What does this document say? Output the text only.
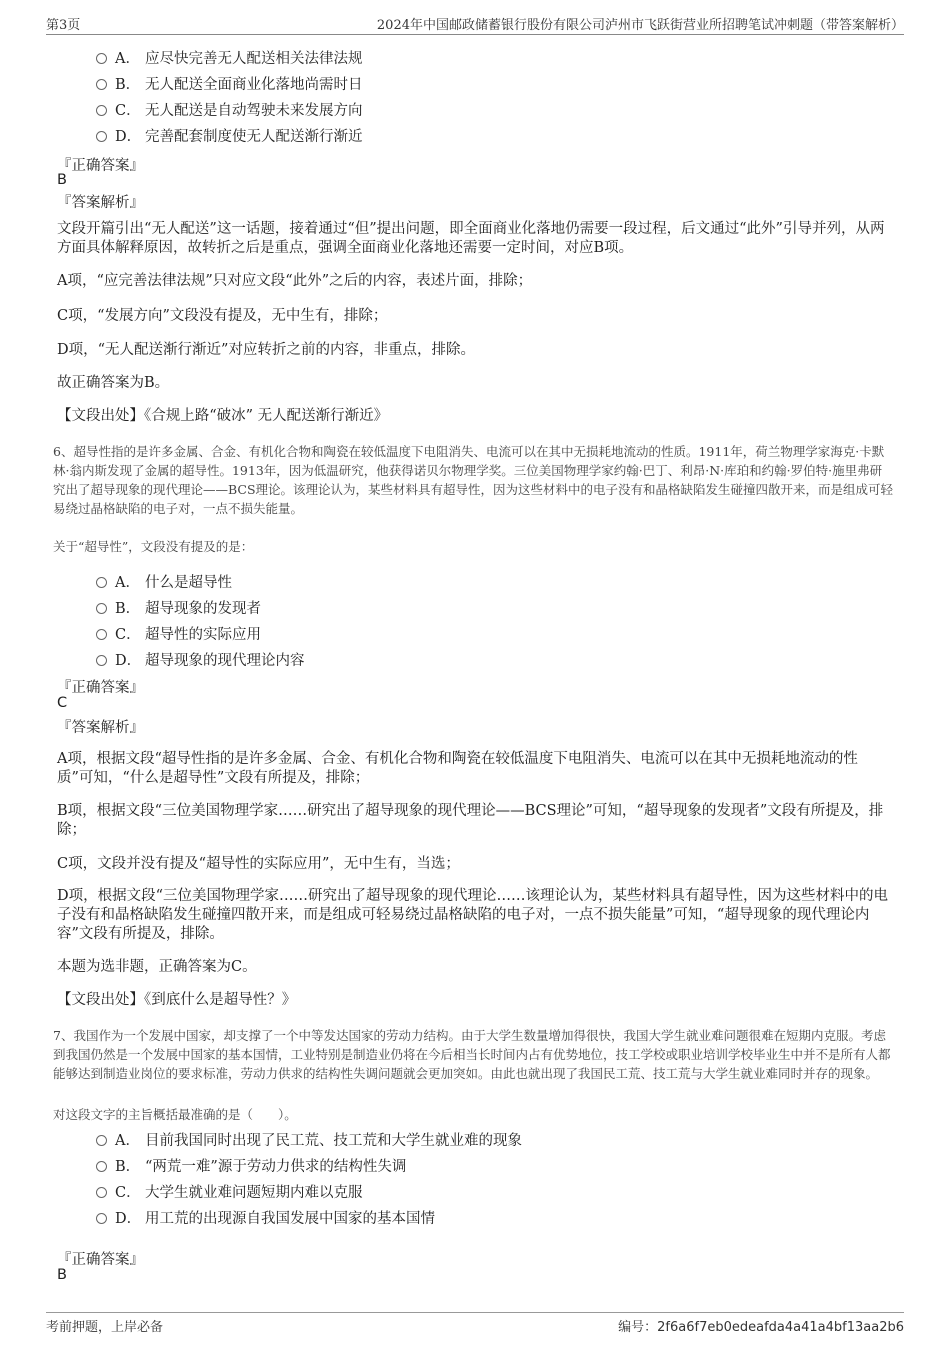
第3页	2024年中国邮政储蓄银行股份有限公司泸州市飞跃街营业所招聘笔试冲刺题（带答案解析）
A． 应尽快完善无人配送相关法律法规
B． 无人配送全面商业化落地尚需时日
C． 无人配送是自动驾驶未来发展方向
D． 完善配套制度使无人配送渐行渐近
『正确答案』
B
『答案解析』
文段开篇引出“无人配送”这一话题，接着通过“但”提出问题，即全面商业化落地仍需要一段过程，后文通过“此外”引导并列，从两方面具体解释原因，故转折之后是重点，强调全面商业化落地还需要一定时间，对应B项。
A项，“应完善法律法规”只对应文段“此外”之后的内容，表述片面，排除；
C项，“发展方向”文段没有提及，无中生有，排除；
D项，“无人配送渐行渐近”对应转折之前的内容，非重点，排除。
故正确答案为B。
【文段出处】《合规上路“破冰” 无人配送渐行渐近》
6、超导性指的是许多金属、合金、有机化合物和陶瓷在较低温度下电阻消失、电流可以在其中无损耗地流动的性质。1911年，荷兰物理学家海克·卡默林·翁内斯发现了金属的超导性。1913年，因为低温研究，他获得诺贝尔物理学奖。三位美国物理学家约翰·巴丁、利昂·N·库珀和约翰·罗伯特·施里弗研究出了超导现象的现代理论——BCS理论。该理论认为，某些材料具有超导性，因为这些材料中的电子没有和晶格缺陷发生碰撞四散开来，而是组成可轻易绕过晶格缺陷的电子对，一点不损失能量。
关于“超导性”，文段没有提及的是：
A． 什么是超导性
B． 超导现象的发现者
C． 超导性的实际应用
D． 超导现象的现代理论内容
『正确答案』
C
『答案解析』
A项，根据文段“超导性指的是许多金属、合金、有机化合物和陶瓷在较低温度下电阻消失、电流可以在其中无损耗地流动的性质”可知，“什么是超导性”文段有所提及，排除；
B项，根据文段“三位美国物理学家……研究出了超导现象的现代理论——BCS理论”可知，“超导现象的发现者”文段有所提及，排除；
C项，文段并没有提及“超导性的实际应用”，无中生有，当选；
D项，根据文段“三位美国物理学家……研究出了超导现象的现代理论……该理论认为，某些材料具有超导性，因为这些材料中的电子没有和晶格缺陷发生碰撞四散开来，而是组成可轻易绕过晶格缺陷的电子对，一点不损失能量”可知，“超导现象的现代理论内容”文段有所提及，排除。
本题为选非题，正确答案为C。
【文段出处】《到底什么是超导性？》
7、我国作为一个发展中国家，却支撑了一个中等发达国家的劳动力结构。由于大学生数量增加得很快，我国大学生就业难问题很难在短期内克服。考虑到我国仍然是一个发展中国家的基本国情，工业特别是制造业仍将在今后相当长时间内占有优势地位，技工学校或职业培训学校毕业生中并不是所有人都能够达到制造业岗位的要求标准，劳动力供求的结构性失调问题就会更加突如。由此也就出现了我国民工荒、技工荒与大学生就业难同时并存的现象。
对这段文字的主旨概括最准确的是（　　）。
A． 目前我国同时出现了民工荒、技工荒和大学生就业难的现象
B． “两荒一难”源于劳动力供求的结构性失调
C． 大学生就业难问题短期内难以克服
D． 用工荒的出现源自我国发展中国家的基本国情
『正确答案』
B
考前押题，上岸必备	编号：2f6a6f7eb0edeafda4a41a4bf13aa2b6
